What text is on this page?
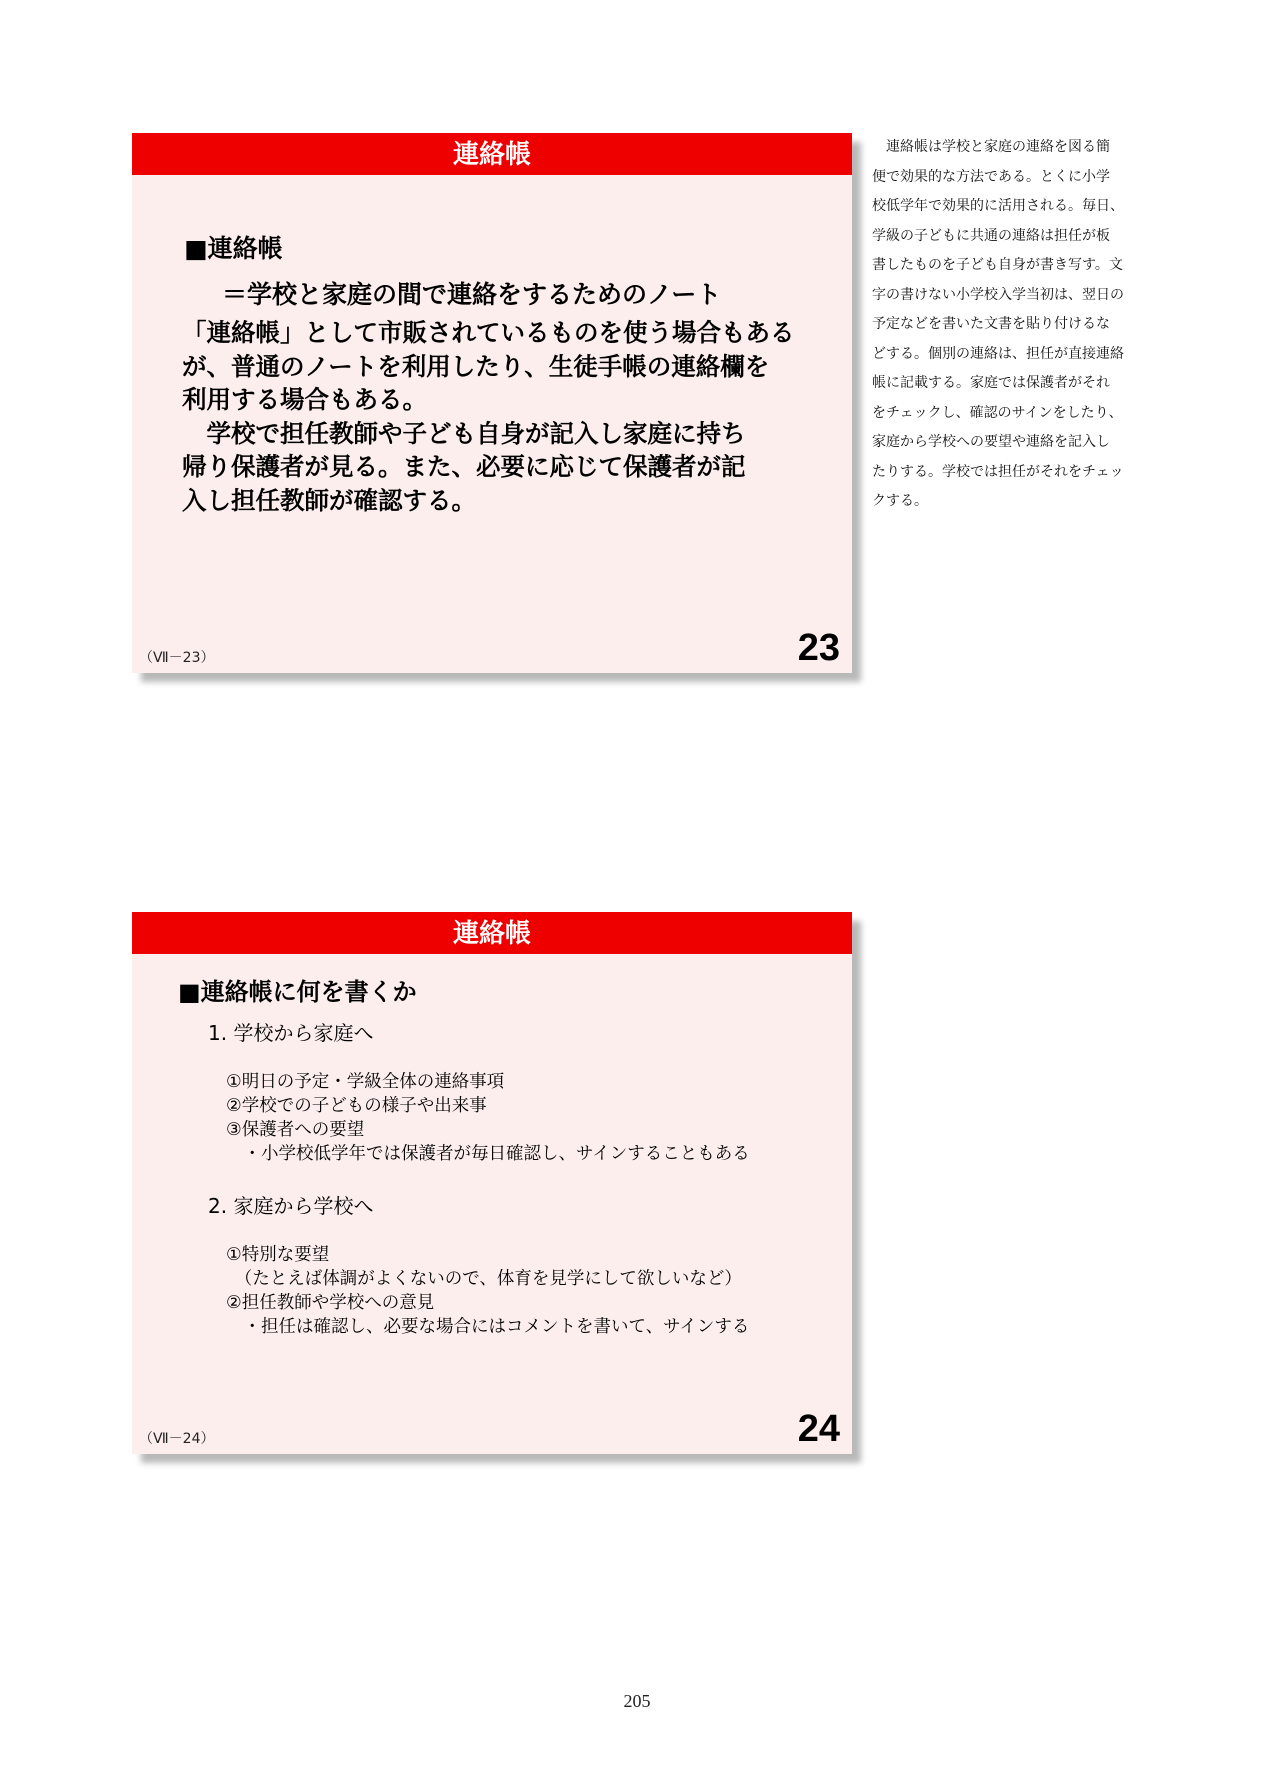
連絡帳
■連絡帳
＝学校と家庭の間で連絡をするためのノート

「連絡帳」として市販されているものを使う場合もある

が、普通のノートを利用したり、生徒手帳の連絡欄を

利用する場合もある。

　学校で担任教師や子ども自身が記入し家庭に持ち

帰り保護者が見る。また、必要に応じて保護者が記

入し担任教師が確認する。

（Ⅶ－23）	23
連絡帳
■連絡帳に何を書くか
1. 学校から家庭へ
①明日の予定・学級全体の連絡事項
②学校での子どもの様子や出来事
③保護者への要望
　・小学校低学年では保護者が毎日確認し、サインすることもある
2. 家庭から学校へ
①特別な要望
　（たとえば体調がよくないので、体育を見学にして欲しいなど）
②担任教師や学校への意見
　・担任は確認し、必要な場合にはコメントを書いて、サインする
（Ⅶ－24）	24
　連絡帳は学校と家庭の連絡を図る簡
便で効果的な方法である。とくに小学
校低学年で効果的に活用される。毎日、
学級の子どもに共通の連絡は担任が板
書したものを子ども自身が書き写す。文
字の書けない小学校入学当初は、翌日の
予定などを書いた文書を貼り付けるな
どする。個別の連絡は、担任が直接連絡
帳に記載する。家庭では保護者がそれ
をチェックし、確認のサインをしたり、
家庭から学校への要望や連絡を記入し
たりする。学校では担任がそれをチェッ
クする。
205
